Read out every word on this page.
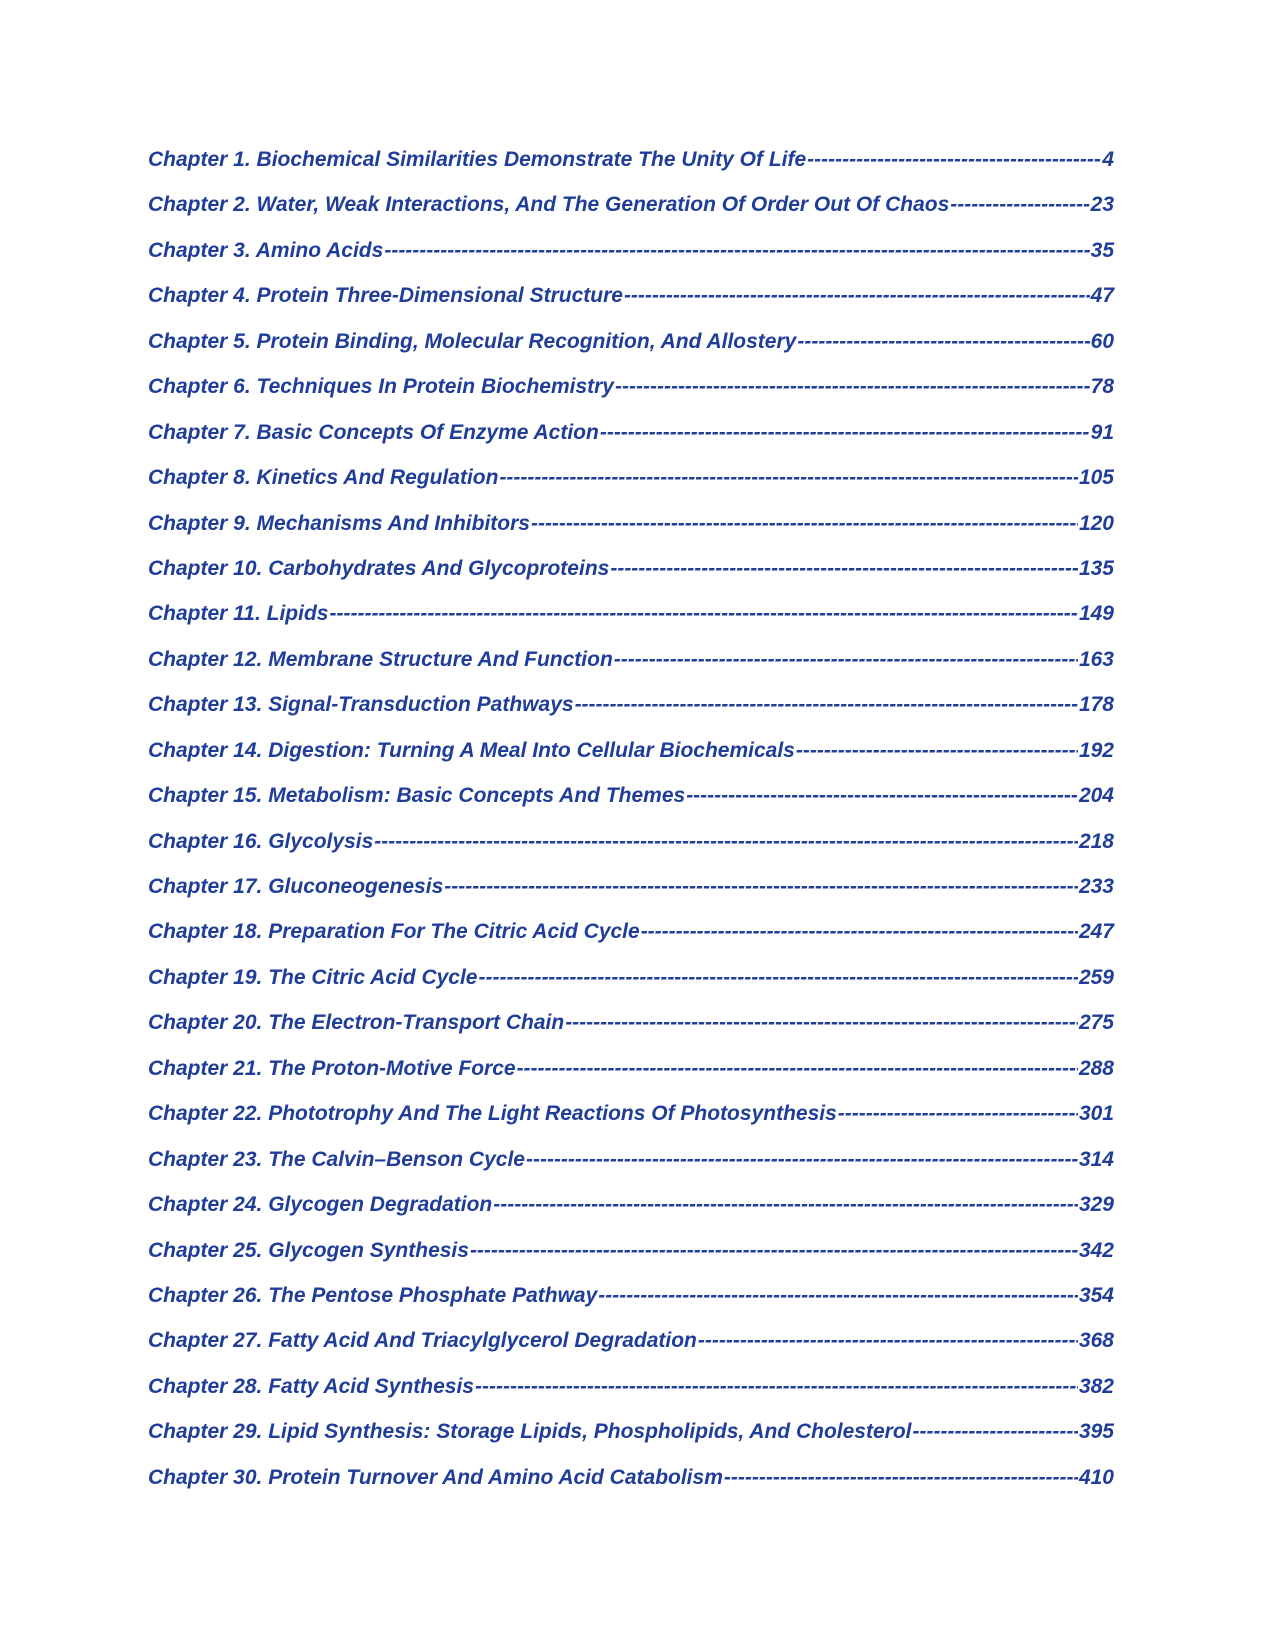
Chapter 1. Biochemical Similarities Demonstrate The Unity Of Life -----	4
Chapter 2. Water, Weak Interactions, And The Generation Of Order Out Of Chaos -----	23
Chapter 3. Amino Acids -----	35
Chapter 4. Protein Three-Dimensional Structure -----	47
Chapter 5. Protein Binding, Molecular Recognition, And Allostery -----	60
Chapter 6. Techniques In Protein Biochemistry -----	78
Chapter 7. Basic Concepts Of Enzyme Action -----	91
Chapter 8. Kinetics And Regulation -----	105
Chapter 9. Mechanisms And Inhibitors -----	120
Chapter 10. Carbohydrates And Glycoproteins -----	135
Chapter 11. Lipids -----	149
Chapter 12. Membrane Structure And Function -----	163
Chapter 13. Signal-Transduction Pathways -----	178
Chapter 14. Digestion: Turning A Meal Into Cellular Biochemicals -----	192
Chapter 15. Metabolism: Basic Concepts And Themes -----	204
Chapter 16. Glycolysis -----	218
Chapter 17. Gluconeogenesis -----	233
Chapter 18. Preparation For The Citric Acid Cycle -----	247
Chapter 19. The Citric Acid Cycle -----	259
Chapter 20. The Electron-Transport Chain -----	275
Chapter 21. The Proton-Motive Force -----	288
Chapter 22. Phototrophy And The Light Reactions Of Photosynthesis -----	301
Chapter 23. The Calvin–Benson Cycle -----	314
Chapter 24. Glycogen Degradation -----	329
Chapter 25. Glycogen Synthesis -----	342
Chapter 26. The Pentose Phosphate Pathway -----	354
Chapter 27. Fatty Acid And Triacylglycerol Degradation -----	368
Chapter 28. Fatty Acid Synthesis -----	382
Chapter 29. Lipid Synthesis: Storage Lipids, Phospholipids, And Cholesterol -----	395
Chapter 30. Protein Turnover And Amino Acid Catabolism -----	410
